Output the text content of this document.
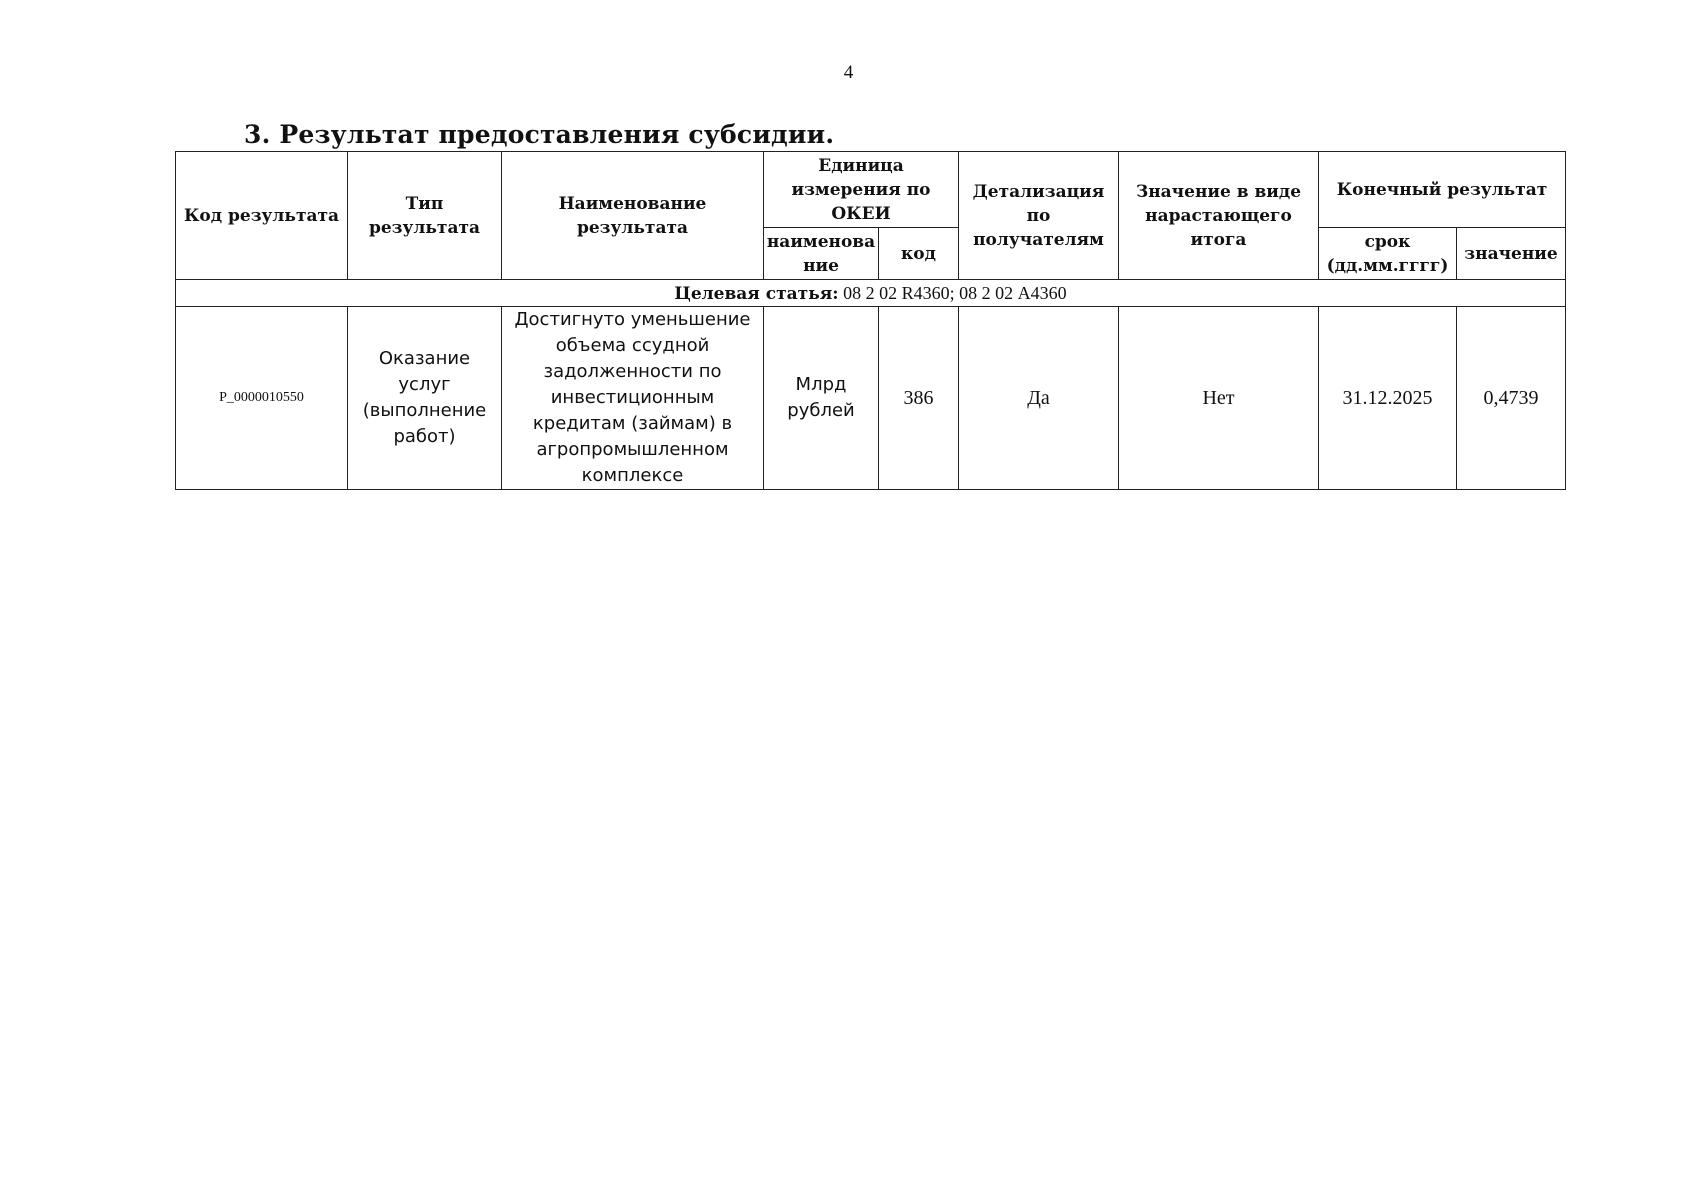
4
3. Результат предоставления субсидии.
Код результата	Тип результата	Наименование результата	Единица измерения по ОКЕИ		Детализация по получателям	Значение в виде нарастающего итога	Конечный результат	
			наименова ние	код			срок (дд.мм.гггг)	значение
Целевая статья: 08 2 02 R4360; 08 2 02 А4360								
P_0000010550	Оказание услуг (выполнение работ)	Достигнуто уменьшение объема ссудной задолженности по инвестиционным кредитам (займам) в агропромышленном комплексе	Млрд рублей	386	Да	Нет	31.12.2025	0,4739
